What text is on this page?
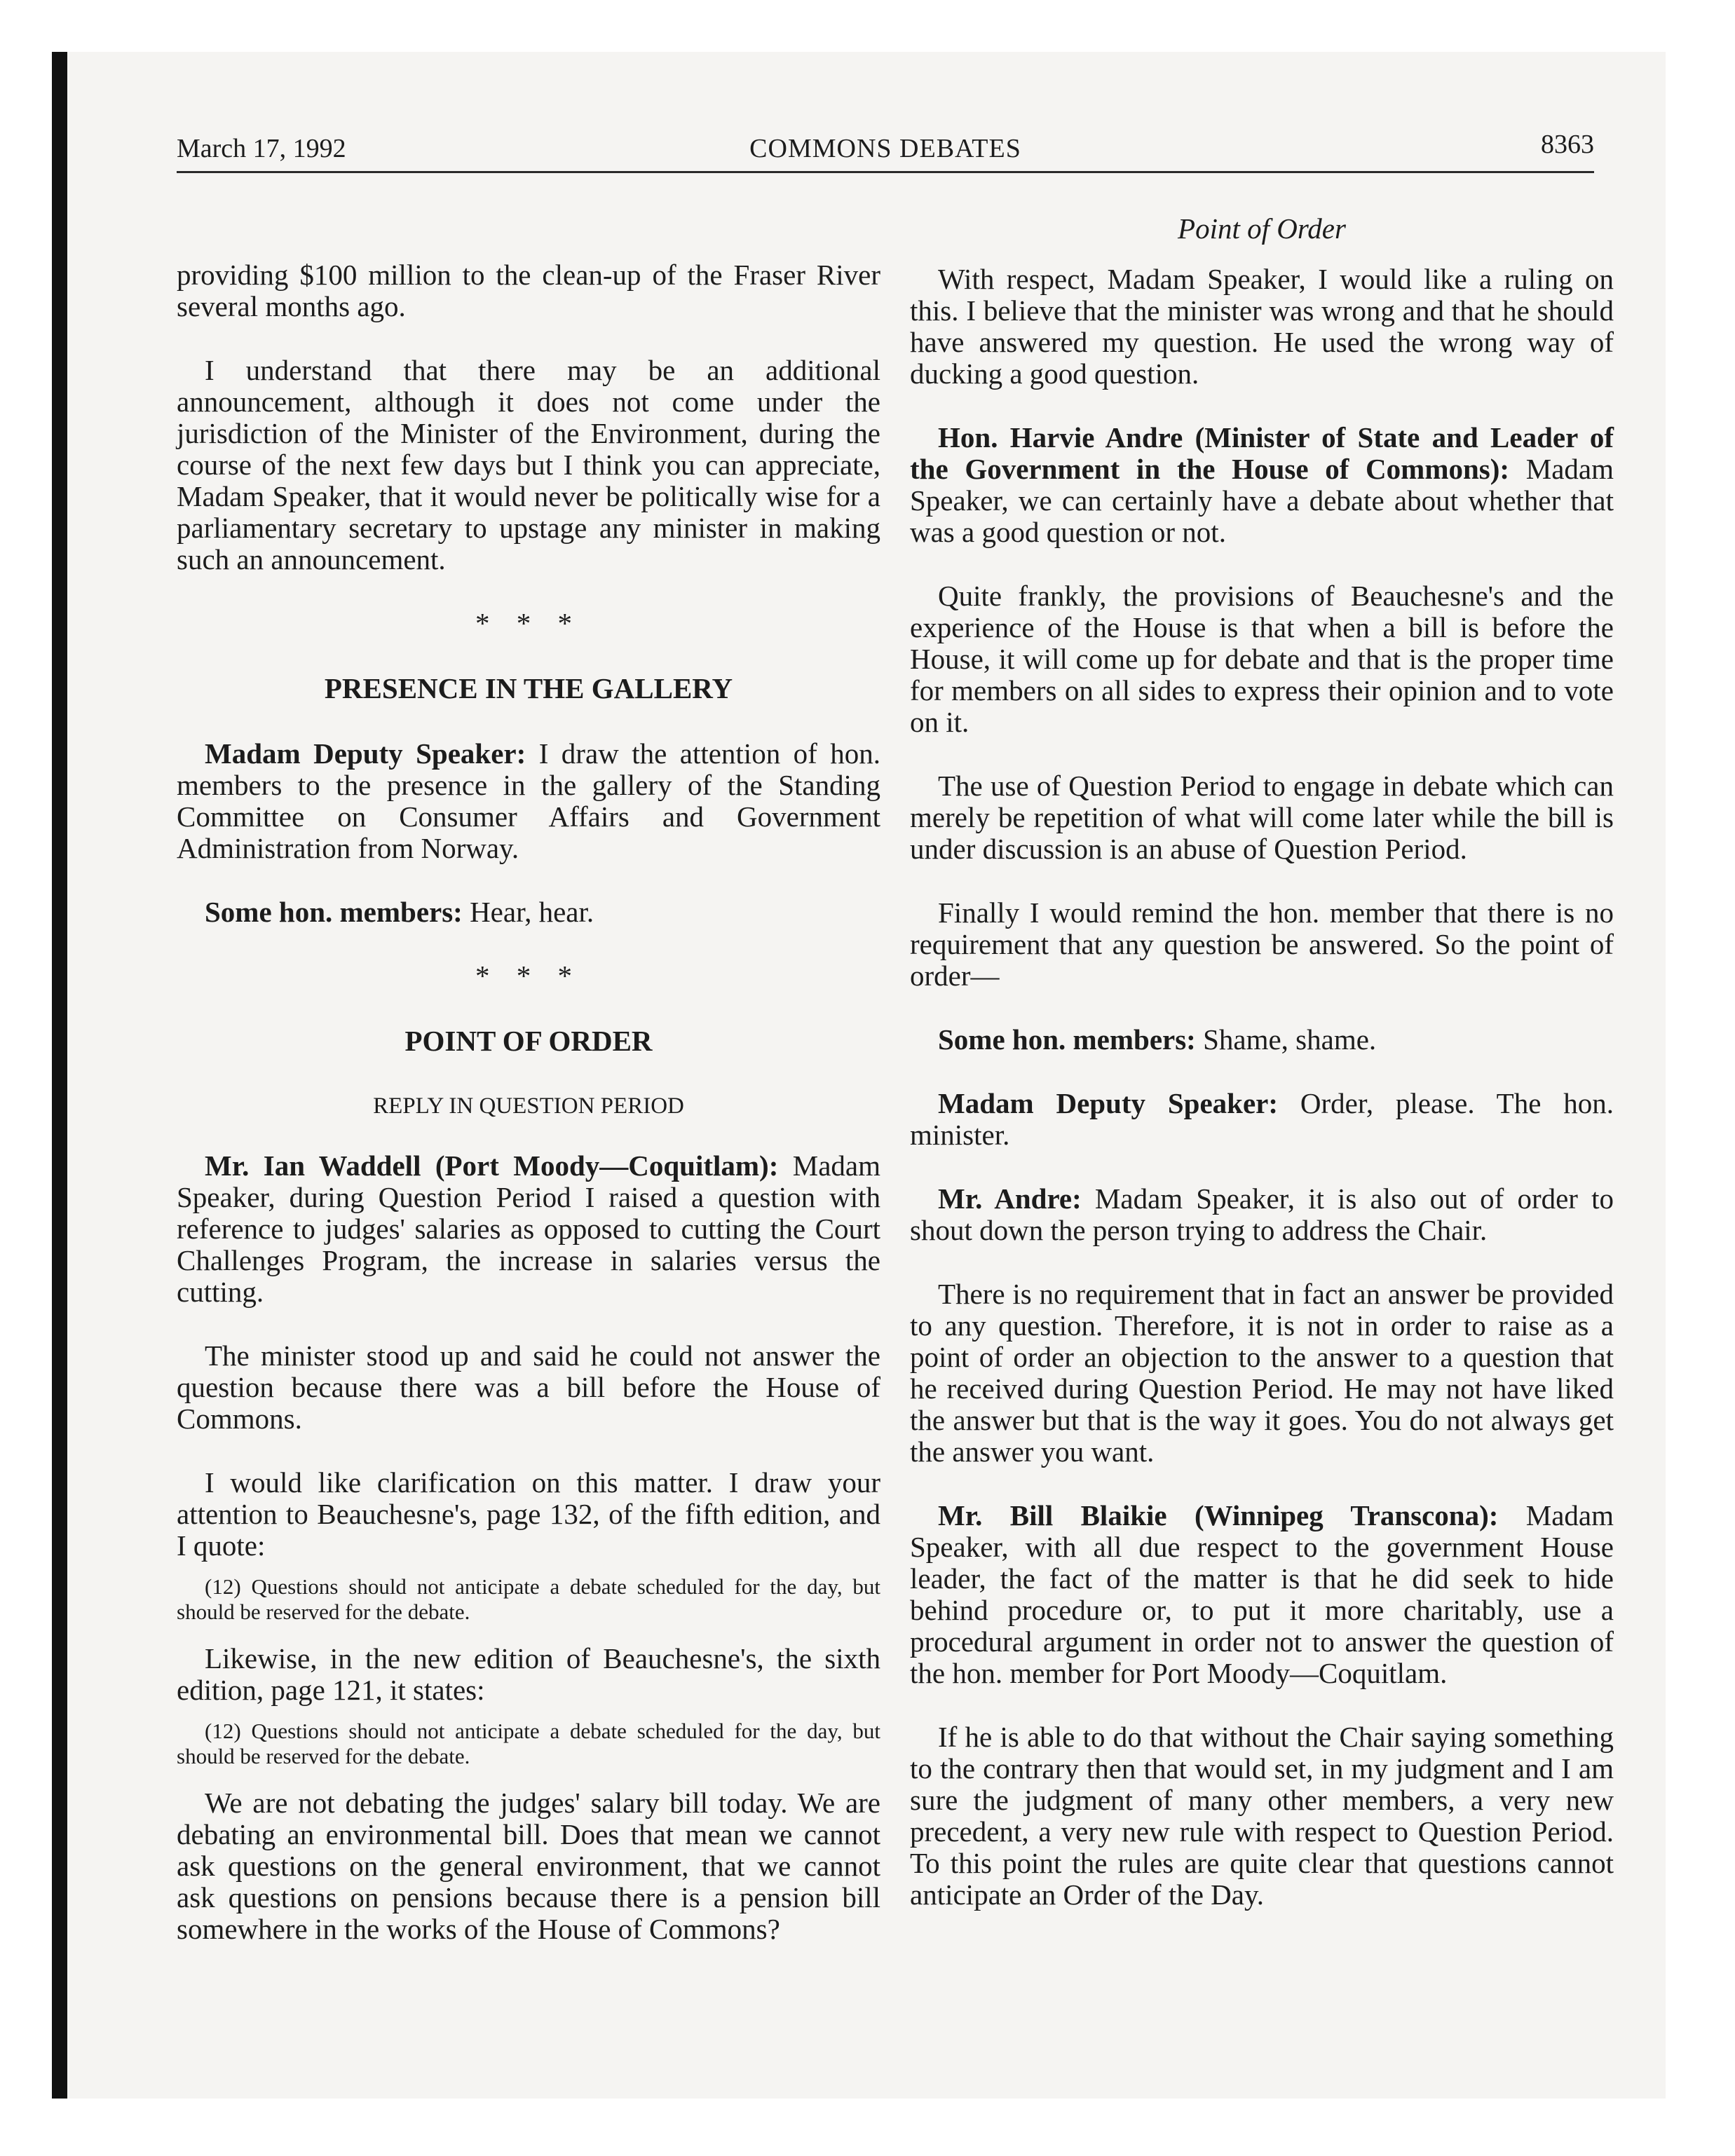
March 17, 1992	COMMONS DEBATES	8363
Point of Order

providing $100 million to the clean-up of the Fraser River several months ago.

I understand that there may be an additional announcement, although it does not come under the jurisdiction of the Minister of the Environment, during the course of the next few days but I think you can appreciate, Madam Speaker, that it would never be politically wise for a parliamentary secretary to upstage any minister in making such an announcement.

* * *
PRESENCE IN THE GALLERY

Madam Deputy Speaker: I draw the attention of hon. members to the presence in the gallery of the Standing Committee on Consumer Affairs and Government Administration from Norway.

Some hon. members: Hear, hear.

* * *
POINT OF ORDER
REPLY IN QUESTION PERIOD

Mr. Ian Waddell (Port Moody—Coquitlam): Madam Speaker, during Question Period I raised a question with reference to judges' salaries as opposed to cutting the Court Challenges Program, the increase in salaries versus the cutting.

The minister stood up and said he could not answer the question because there was a bill before the House of Commons.

I would like clarification on this matter. I draw your attention to Beauchesne's, page 132, of the fifth edition, and I quote:

(12) Questions should not anticipate a debate scheduled for the day, but should be reserved for the debate.

Likewise, in the new edition of Beauchesne's, the sixth edition, page 121, it states:

(12) Questions should not anticipate a debate scheduled for the day, but should be reserved for the debate.

We are not debating the judges' salary bill today. We are debating an environmental bill. Does that mean we cannot ask questions on the general environment, that we cannot ask questions on pensions because there is a pension bill somewhere in the works of the House of Commons?

With respect, Madam Speaker, I would like a ruling on this. I believe that the minister was wrong and that he should have answered my question. He used the wrong way of ducking a good question.

Hon. Harvie Andre (Minister of State and Leader of the Government in the House of Commons): Madam Speaker, we can certainly have a debate about whether that was a good question or not.

Quite frankly, the provisions of Beauchesne's and the experience of the House is that when a bill is before the House, it will come up for debate and that is the proper time for members on all sides to express their opinion and to vote on it.

The use of Question Period to engage in debate which can merely be repetition of what will come later while the bill is under discussion is an abuse of Question Period.

Finally I would remind the hon. member that there is no requirement that any question be answered. So the point of order—

Some hon. members: Shame, shame.

Madam Deputy Speaker: Order, please. The hon. minister.

Mr. Andre: Madam Speaker, it is also out of order to shout down the person trying to address the Chair.

There is no requirement that in fact an answer be provided to any question. Therefore, it is not in order to raise as a point of order an objection to the answer to a question that he received during Question Period. He may not have liked the answer but that is the way it goes. You do not always get the answer you want.

Mr. Bill Blaikie (Winnipeg Transcona): Madam Speaker, with all due respect to the government House leader, the fact of the matter is that he did seek to hide behind procedure or, to put it more charitably, use a procedural argument in order not to answer the question of the hon. member for Port Moody—Coquitlam.

If he is able to do that without the Chair saying something to the contrary then that would set, in my judgment and I am sure the judgment of many other members, a very new precedent, a very new rule with respect to Question Period. To this point the rules are quite clear that questions cannot anticipate an Order of the Day.
